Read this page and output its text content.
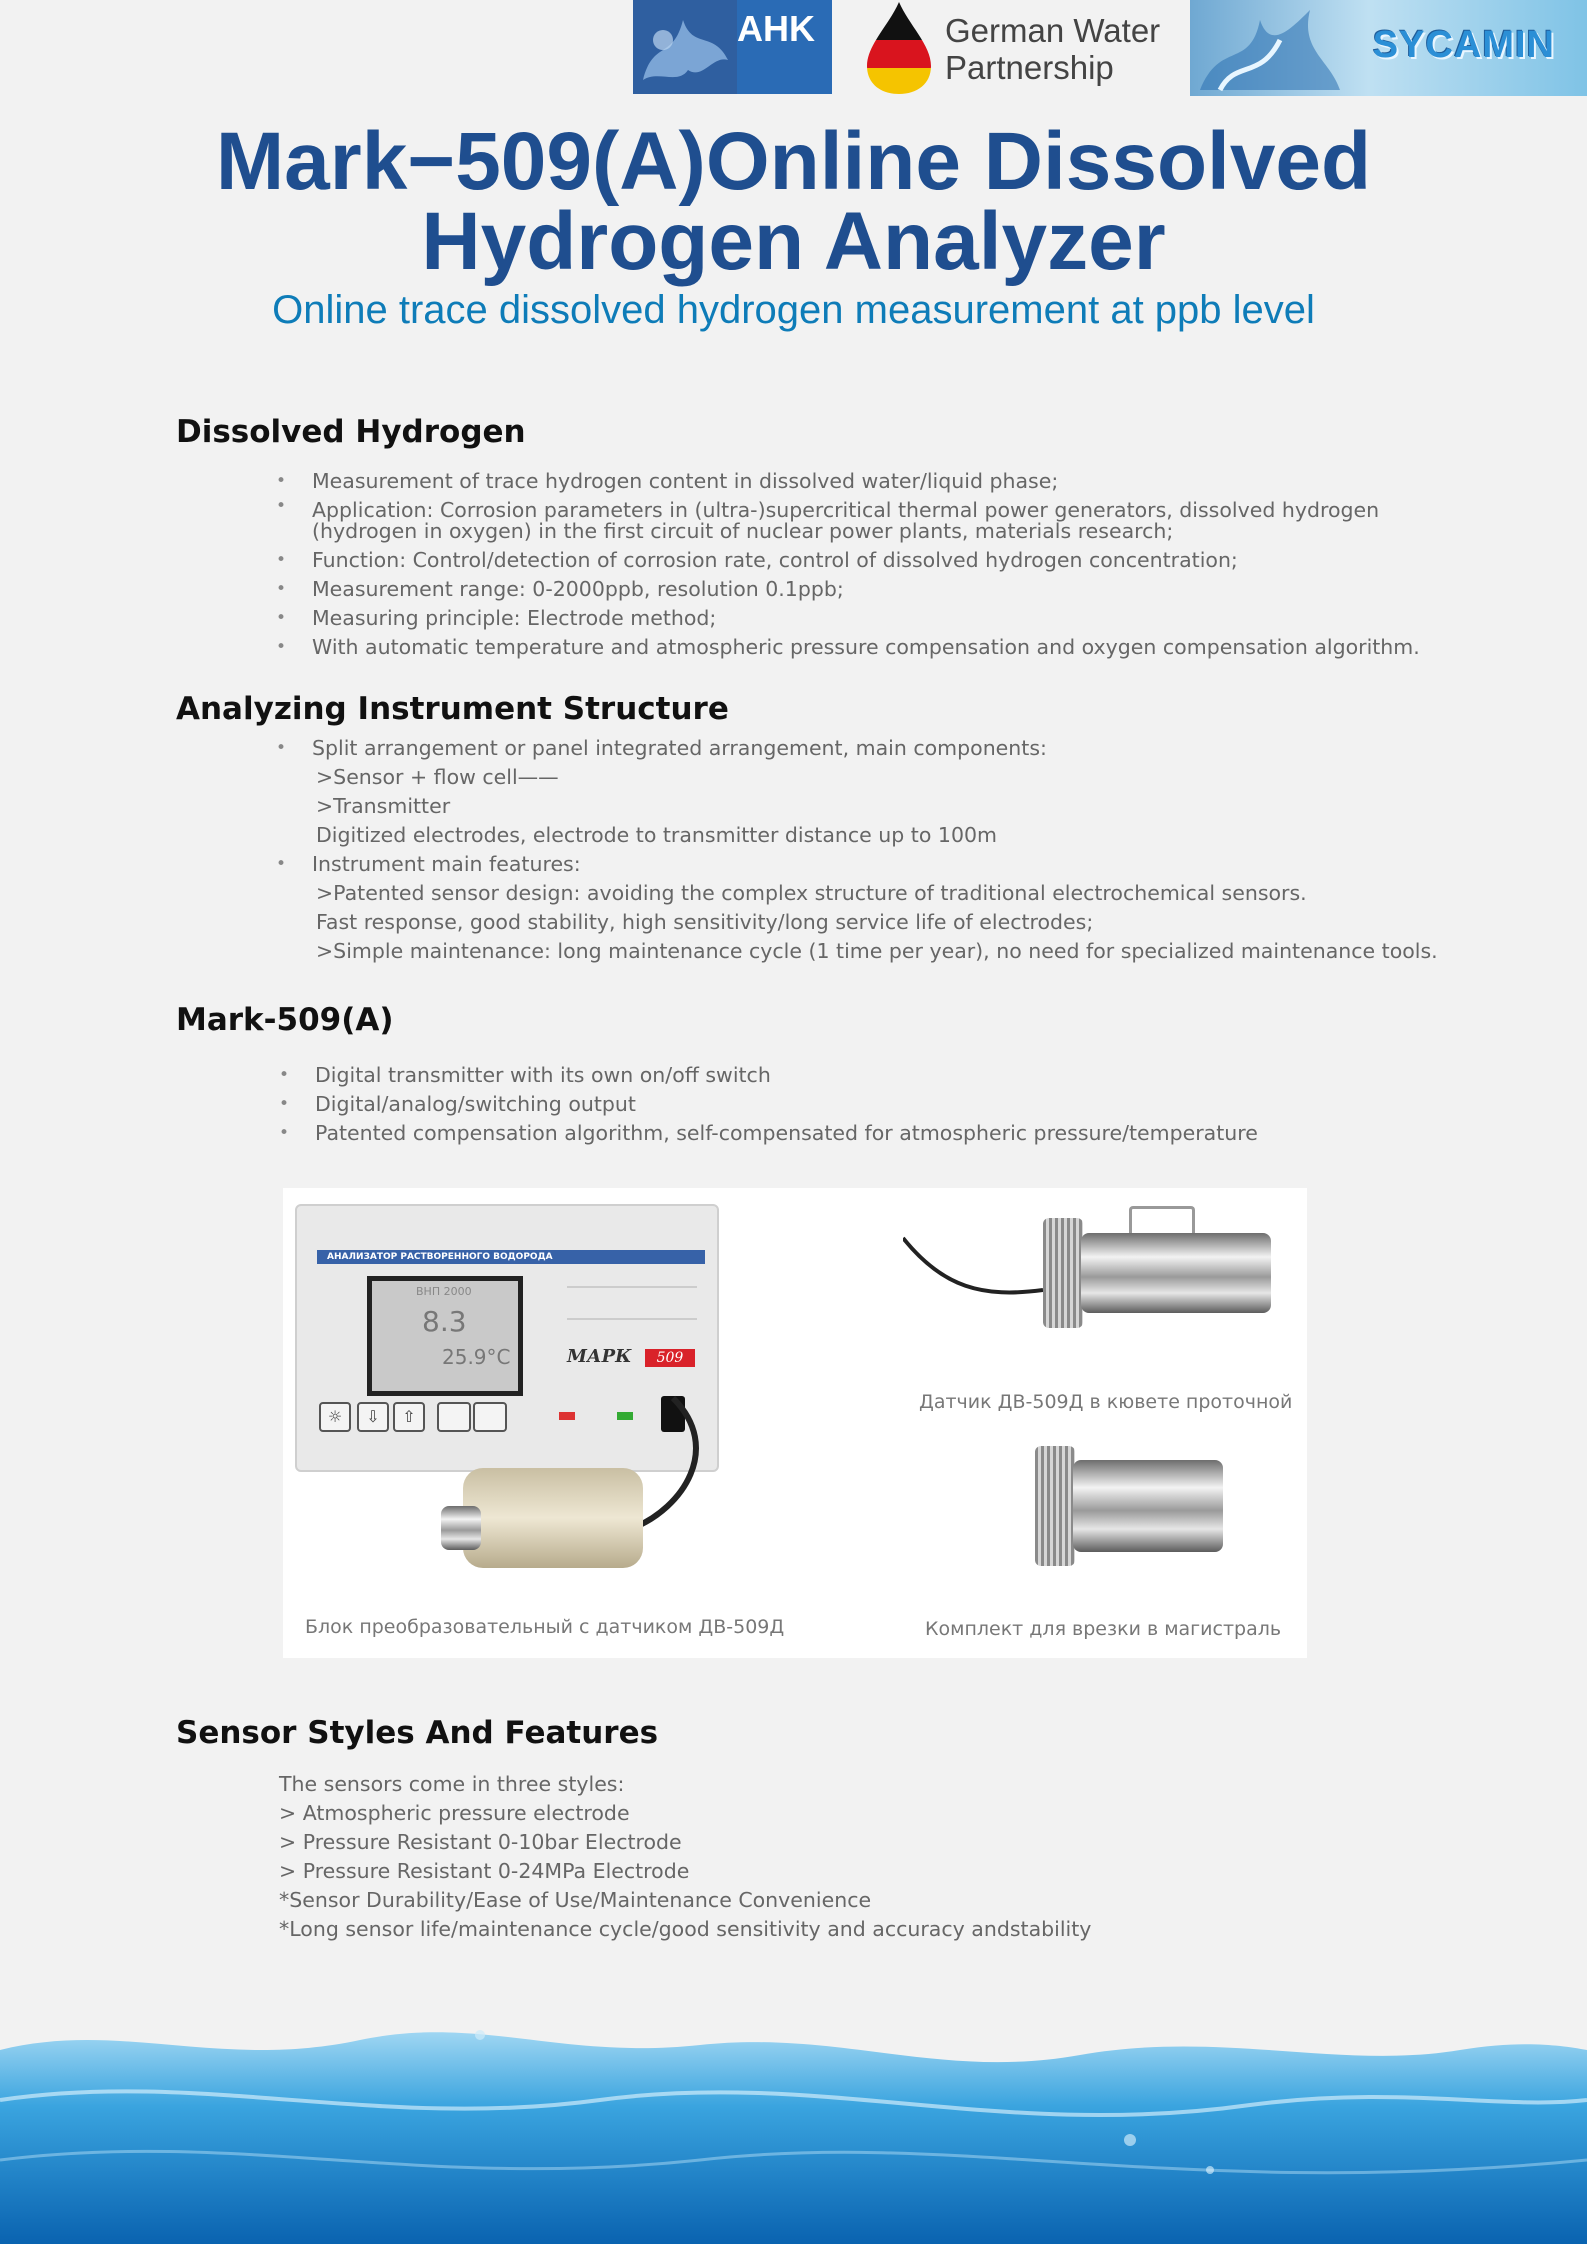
AHK	German Water
Partnership
SYCAMIN
Mark−509(A)Online Dissolved
Hydrogen Analyzer
Online trace dissolved hydrogen measurement at ppb level
Dissolved Hydrogen
• Measurement of trace hydrogen content in dissolved water/liquid phase;
• Application: Corrosion parameters in (ultra-)supercritical thermal power generators, dissolved hydrogen (hydrogen in oxygen) in the first circuit of nuclear power plants, materials research;
• Function: Control/detection of corrosion rate, control of dissolved hydrogen concentration;
• Measurement range: 0-2000ppb, resolution 0.1ppb;
• Measuring principle: Electrode method;
• With automatic temperature and atmospheric pressure compensation and oxygen compensation algorithm.
Analyzing Instrument Structure
• Split arrangement or panel integrated arrangement, main components:
>Sensor + flow cell——
>Transmitter
Digitized electrodes, electrode to transmitter distance up to 100m
• Instrument main features:
>Patented sensor design: avoiding the complex structure of traditional electrochemical sensors.
Fast response, good stability, high sensitivity/long service life of electrodes;
>Simple maintenance: long maintenance cycle (1 time per year), no need for specialized maintenance tools.
Mark-509(A)
• Digital transmitter with its own on/off switch
• Digital/analog/switching output
• Patented compensation algorithm, self-compensated for atmospheric pressure/temperature
АНАЛИЗАТОР РАСТВОРЕННОГО ВОДОРОДА
ВНП 2000
8.3
25.9°C	МАРК 509
☼	⇩	⇧
Блок преобразовательный с датчиком ДВ-509Д
Датчик ДВ-509Д в кювете проточной
Комплект для врезки в магистраль
Sensor Styles And Features
The sensors come in three styles:
> Atmospheric pressure electrode
> Pressure Resistant 0-10bar Electrode
> Pressure Resistant 0-24MPa Electrode
*Sensor Durability/Ease of Use/Maintenance Convenience
*Long sensor life/maintenance cycle/good sensitivity and accuracy andstability
